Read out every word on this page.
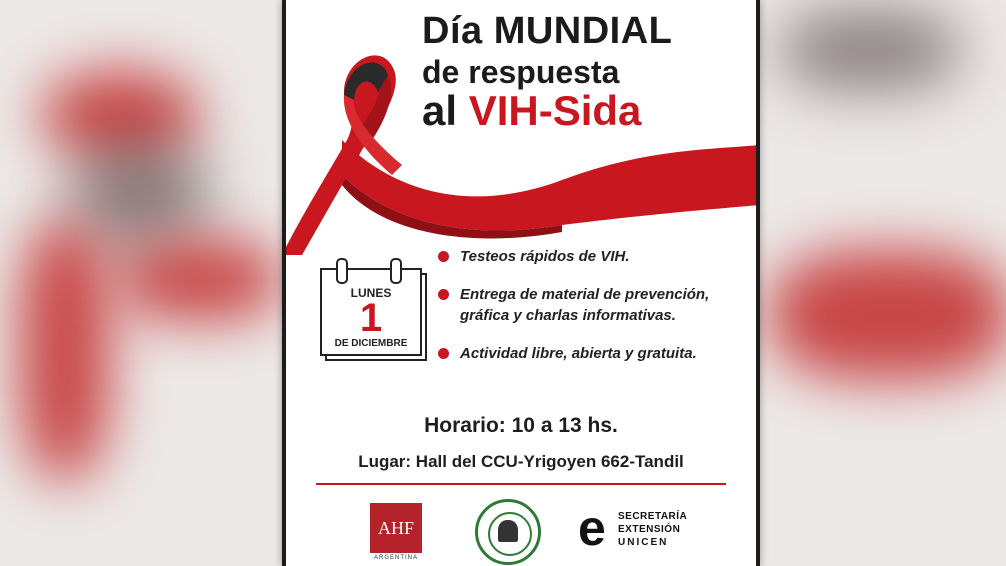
Día MUNDIAL
de respuesta
al VIH-Sida
LUNES
1
DE DICIEMBRE
Testeos rápidos de VIH.
Entrega de material de prevención, gráfica y charlas informativas.
Actividad libre, abierta y gratuita.
Horario: 10 a 13 hs.
Lugar: Hall del CCU-Yrigoyen 662-Tandil
AHF
ARGENTINA
e	SECRETARÍA
EXTENSIÓN
UNICEN
